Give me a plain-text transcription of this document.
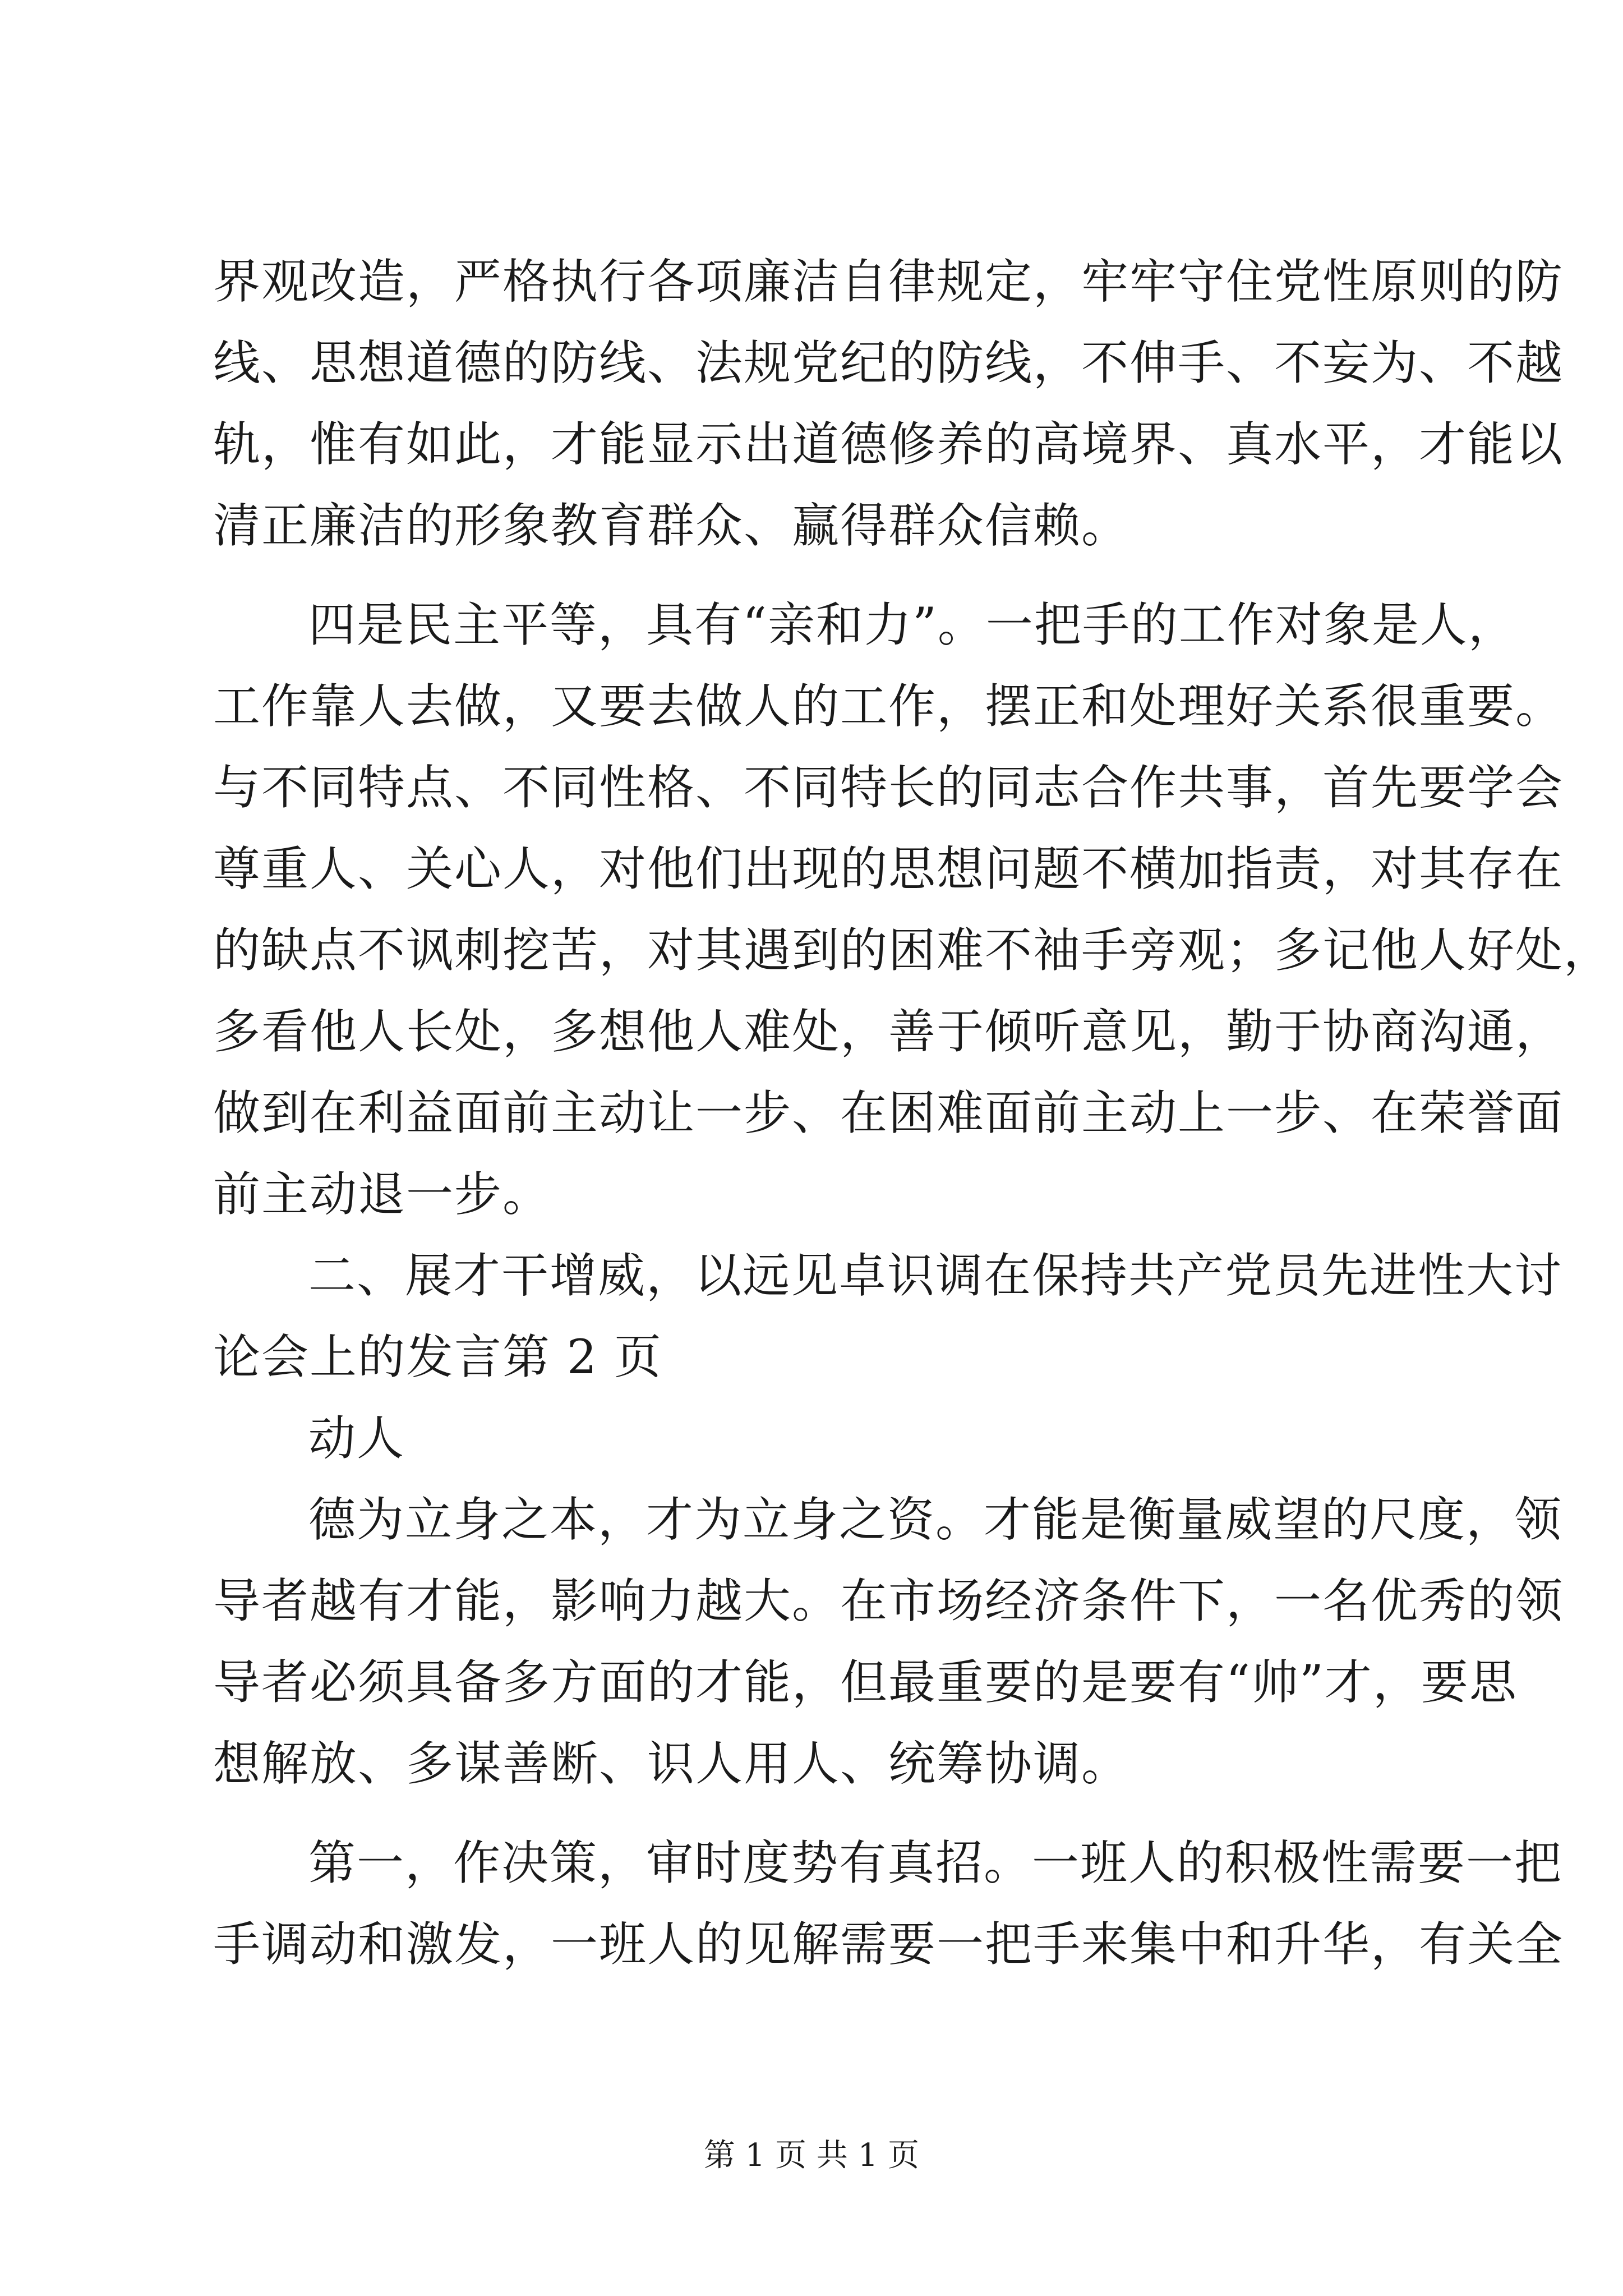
界观改造，严格执行各项廉洁自律规定，牢牢守住党性原则的防
线、思想道德的防线、法规党纪的防线，不伸手、不妄为、不越
轨，惟有如此，才能显示出道德修养的高境界、真水平，才能以
清正廉洁的形象教育群众、赢得群众信赖。
四是民主平等，具有“亲和力”。一把手的工作对象是人，
工作靠人去做，又要去做人的工作，摆正和处理好关系很重要。
与不同特点、不同性格、不同特长的同志合作共事，首先要学会
尊重人、关心人，对他们出现的思想问题不横加指责，对其存在
的缺点不讽刺挖苦，对其遇到的困难不袖手旁观；多记他人好处，
多看他人长处，多想他人难处，善于倾听意见，勤于协商沟通，
做到在利益面前主动让一步、在困难面前主动上一步、在荣誉面
前主动退一步。
二、展才干增威，以远见卓识调在保持共产党员先进性大讨
论会上的发言第 2 页
动人
德为立身之本，才为立身之资。才能是衡量威望的尺度，领
导者越有才能，影响力越大。在市场经济条件下，一名优秀的领
导者必须具备多方面的才能，但最重要的是要有“帅”才，要思
想解放、多谋善断、识人用人、统筹协调。
第一，作决策，审时度势有真招。一班人的积极性需要一把
手调动和激发，一班人的见解需要一把手来集中和升华，有关全
第 1 页 共 1 页
